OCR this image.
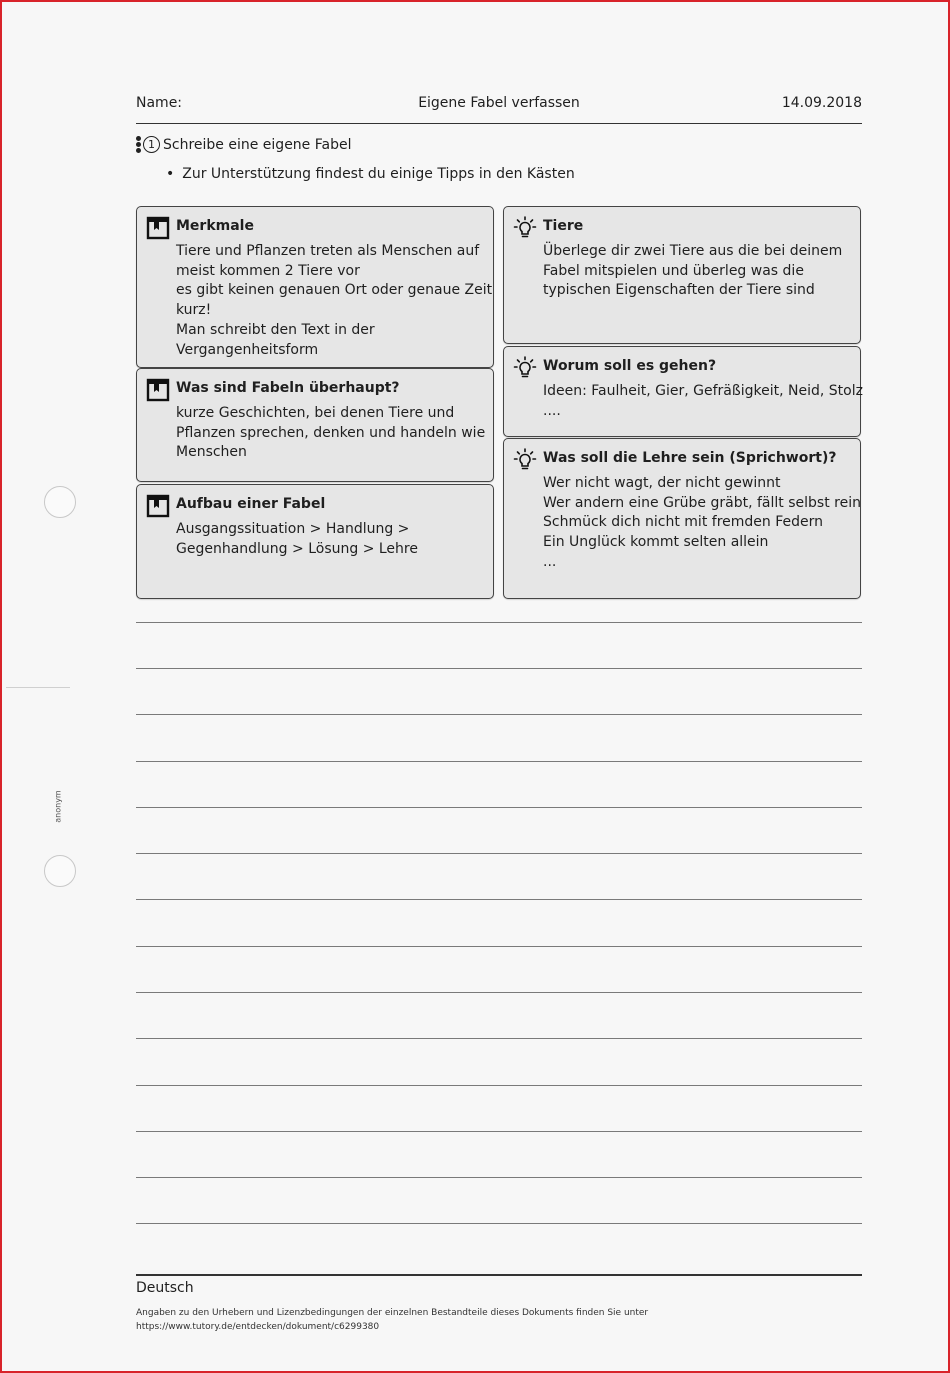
anonym
Name:	Eigene Fabel verfassen	14.09.2018
1 Schreibe eine eigene Fabel
• Zur Unterstützung findest du einige Tipps in den Kästen
Merkmale
Tiere und Pflanzen treten als Menschen auf
meist kommen 2 Tiere vor
es gibt keinen genauen Ort oder genaue Zeit
kurz!
Man schreibt den Text in der
Vergangenheitsform
Was sind Fabeln überhaupt?
kurze Geschichten, bei denen Tiere und
Pflanzen sprechen, denken und handeln wie
Menschen
Aufbau einer Fabel
Ausgangssituation > Handlung >
Gegenhandlung > Lösung > Lehre
Tiere
Überlege dir zwei Tiere aus die bei deinem
Fabel mitspielen und überleg was die
typischen Eigenschaften der Tiere sind
Worum soll es gehen?
Ideen: Faulheit, Gier, Gefräßigkeit, Neid, Stolz
....
Was soll die Lehre sein (Sprichwort)?
Wer nicht wagt, der nicht gewinnt
Wer andern eine Grübe gräbt, fällt selbst rein
Schmück dich nicht mit fremden Federn
Ein Unglück kommt selten allein
...
Deutsch
Angaben zu den Urhebern und Lizenzbedingungen der einzelnen Bestandteile dieses Dokuments finden Sie unter
https://www.tutory.de/entdecken/dokument/c6299380
